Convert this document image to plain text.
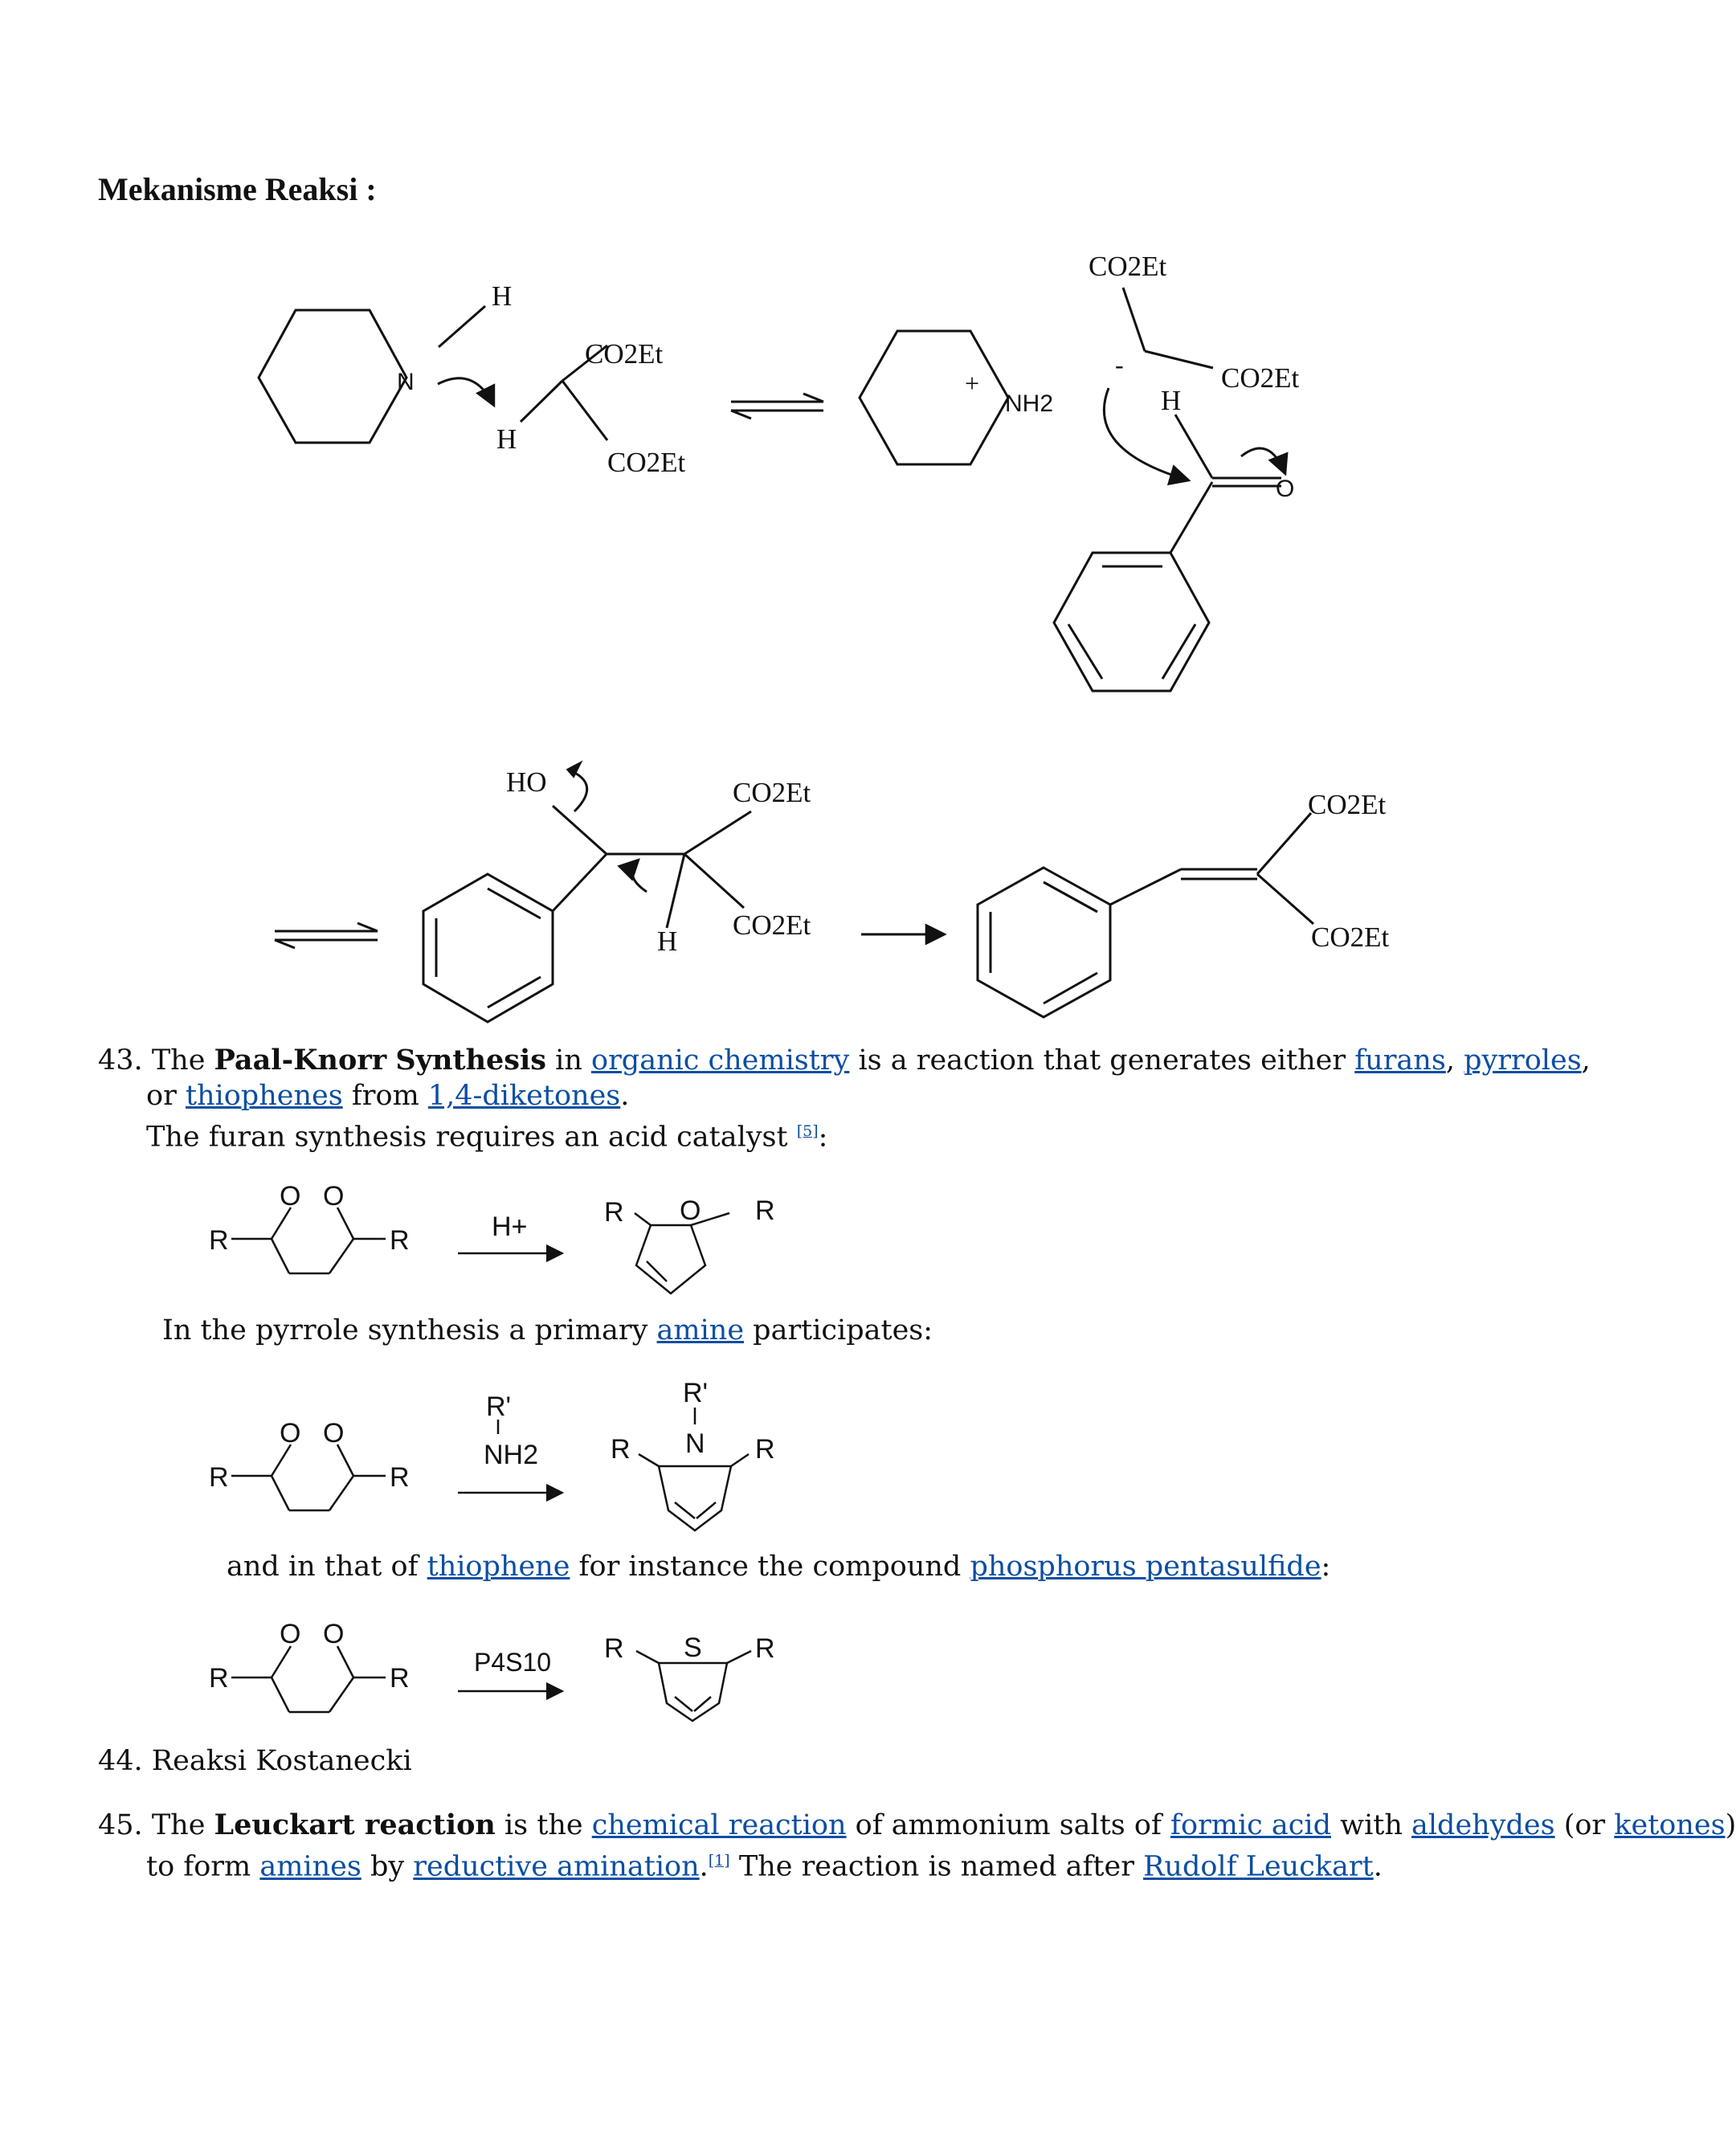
Mekanisme Reaksi :
H
N
H
CO2Et
CO2Et
+
NH2
CO2Et
-	CO2Et
H
O
HO	CO2Et
CO2Et
H
CO2Et
CO2Et
R
O O
R	H+	R O R
R
O O
R
R'
NH2
R'
R N R
R
O O
R
P4S10 R S R
43. The Paal-Knorr Synthesis in organic chemistry is a reaction that generates either furans, pyrroles,
or thiophenes from 1,4-diketones.
The furan synthesis requires an acid catalyst [5]:
In the pyrrole synthesis a primary amine participates:
and in that of thiophene for instance the compound phosphorus pentasulfide:
44. Reaksi Kostanecki
45. The Leuckart reaction is the chemical reaction of ammonium salts of formic acid with aldehydes (or ketones)
to form amines by reductive amination.[1] The reaction is named after Rudolf Leuckart.
